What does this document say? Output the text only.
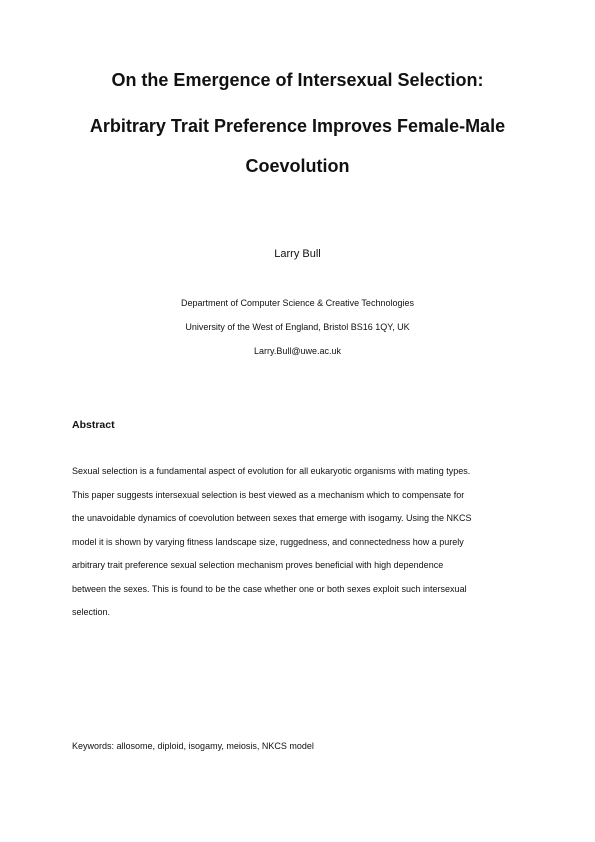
On the Emergence of Intersexual Selection:
Arbitrary Trait Preference Improves Female-Male
Coevolution
Larry Bull
Department of Computer Science & Creative Technologies
University of the West of England, Bristol BS16 1QY, UK
Larry.Bull@uwe.ac.uk
Abstract

Sexual selection is a fundamental aspect of evolution for all eukaryotic organisms with mating types.
This paper suggests intersexual selection is best viewed as a mechanism which to compensate for
the unavoidable dynamics of coevolution between sexes that emerge with isogamy. Using the NKCS
model it is shown by varying fitness landscape size, ruggedness, and connectedness how a purely
arbitrary trait preference sexual selection mechanism proves beneficial with high dependence
between the sexes. This is found to be the case whether one or both sexes exploit such intersexual
selection.

Keywords: allosome, diploid, isogamy, meiosis, NKCS model
